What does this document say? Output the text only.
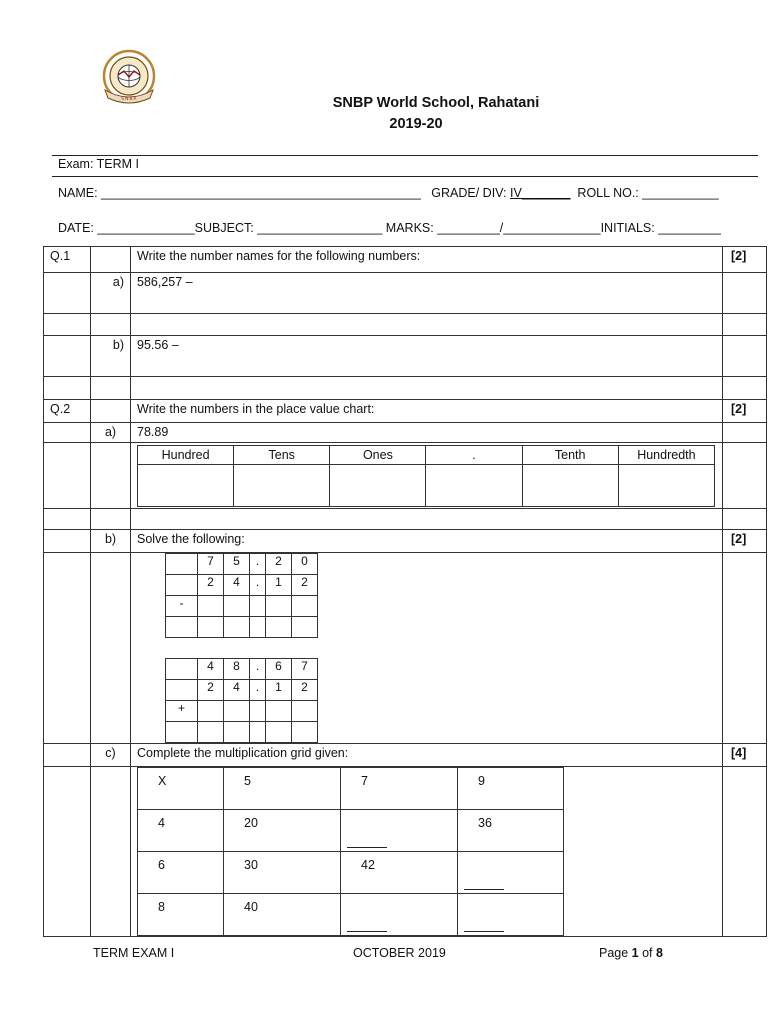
S.N.B.P.	SNBP World School, Rahatani
2019-20
Exam: TERM I
NAME: ______________________________________________   GRADE/ DIV: IV_______  ROLL NO.: ___________
DATE: ______________SUBJECT: __________________ MARKS: _________/______________INITIALS: _________
Q.1		Write the number names for the following numbers:	[2]
	a)	586,257 –	

	b)	95.56 –	

Q.2		Write the numbers in the place value chart:	[2]
	a)	78.89	

Hundred	Tens	Ones	.	Tenth	Hundredth

	b)	Solve the following:	[2]

	7	5	.	2	0
	2	4	.	1	2
-					

	4	8	.	6	7
	2	4	.	1	2
+					

	c)	Complete the multiplication grid given:	[4]

X	5	7	9
4	20		36
6	30	42	

8	40	

TERM EXAM I	OCTOBER 2019	Page 1 of 8
